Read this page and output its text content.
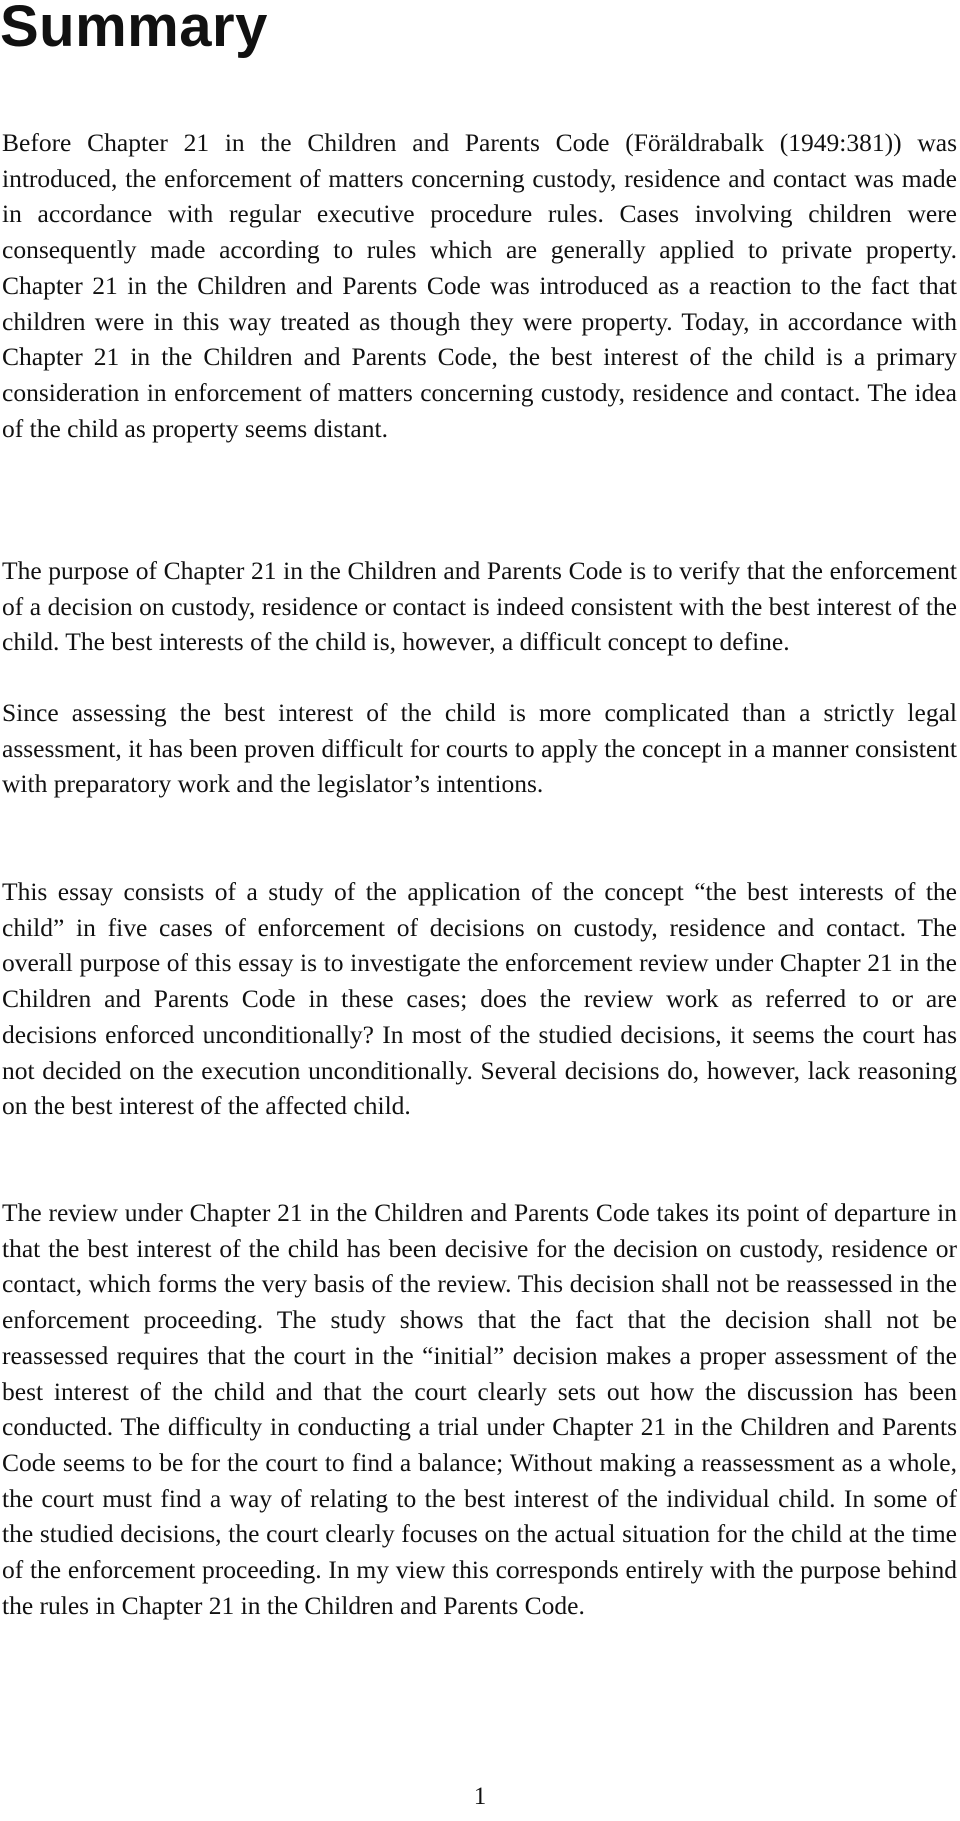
Summary

Before Chapter 21 in the Children and Parents Code (Föräldrabalk (1949:381)) was introduced, the enforcement of matters concerning custody, residence and contact was made in accordance with regular executive procedure rules. Cases involving children were consequently made according to rules which are generally applied to private property. Chapter 21 in the Children and Parents Code was introduced as a reaction to the fact that children were in this way treated as though they were property. Today, in accordance with Chapter 21 in the Children and Parents Code, the best interest of the child is a primary consideration in enforcement of matters concerning custody, residence and contact. The idea of the child as property seems distant.

The purpose of Chapter 21 in the Children and Parents Code is to verify that the enforcement of a decision on custody, residence or contact is indeed consistent with the best interest of the child. The best interests of the child is, however, a difficult concept to define.

Since assessing the best interest of the child is more complicated than a strictly legal assessment, it has been proven difficult for courts to apply the concept in a manner consistent with preparatory work and the legislator’s intentions.

This essay consists of a study of the application of the concept “the best interests of the child” in five cases of enforcement of decisions on custody, residence and contact. The overall purpose of this essay is to investigate the enforcement review under Chapter 21 in the Children and Parents Code in these cases; does the review work as referred to or are decisions enforced unconditionally? In most of the studied decisions, it seems the court has not decided on the execution unconditionally. Several decisions do, however, lack reasoning on the best interest of the affected child.

The review under Chapter 21 in the Children and Parents Code takes its point of departure in that the best interest of the child has been decisive for the decision on custody, residence or contact, which forms the very basis of the review. This decision shall not be reassessed in the enforcement proceeding. The study shows that the fact that the decision shall not be reassessed requires that the court in the “initial” decision makes a proper assessment of the best interest of the child and that the court clearly sets out how the discussion has been conducted. The difficulty in conducting a trial under Chapter 21 in the Children and Parents Code seems to be for the court to find a balance; Without making a reassessment as a whole, the court must find a way of relating to the best interest of the individual child. In some of the studied decisions, the court clearly focuses on the actual situation for the child at the time of the enforcement proceeding. In my view this corresponds entirely with the purpose behind the rules in Chapter 21 in the Children and Parents Code.

1
